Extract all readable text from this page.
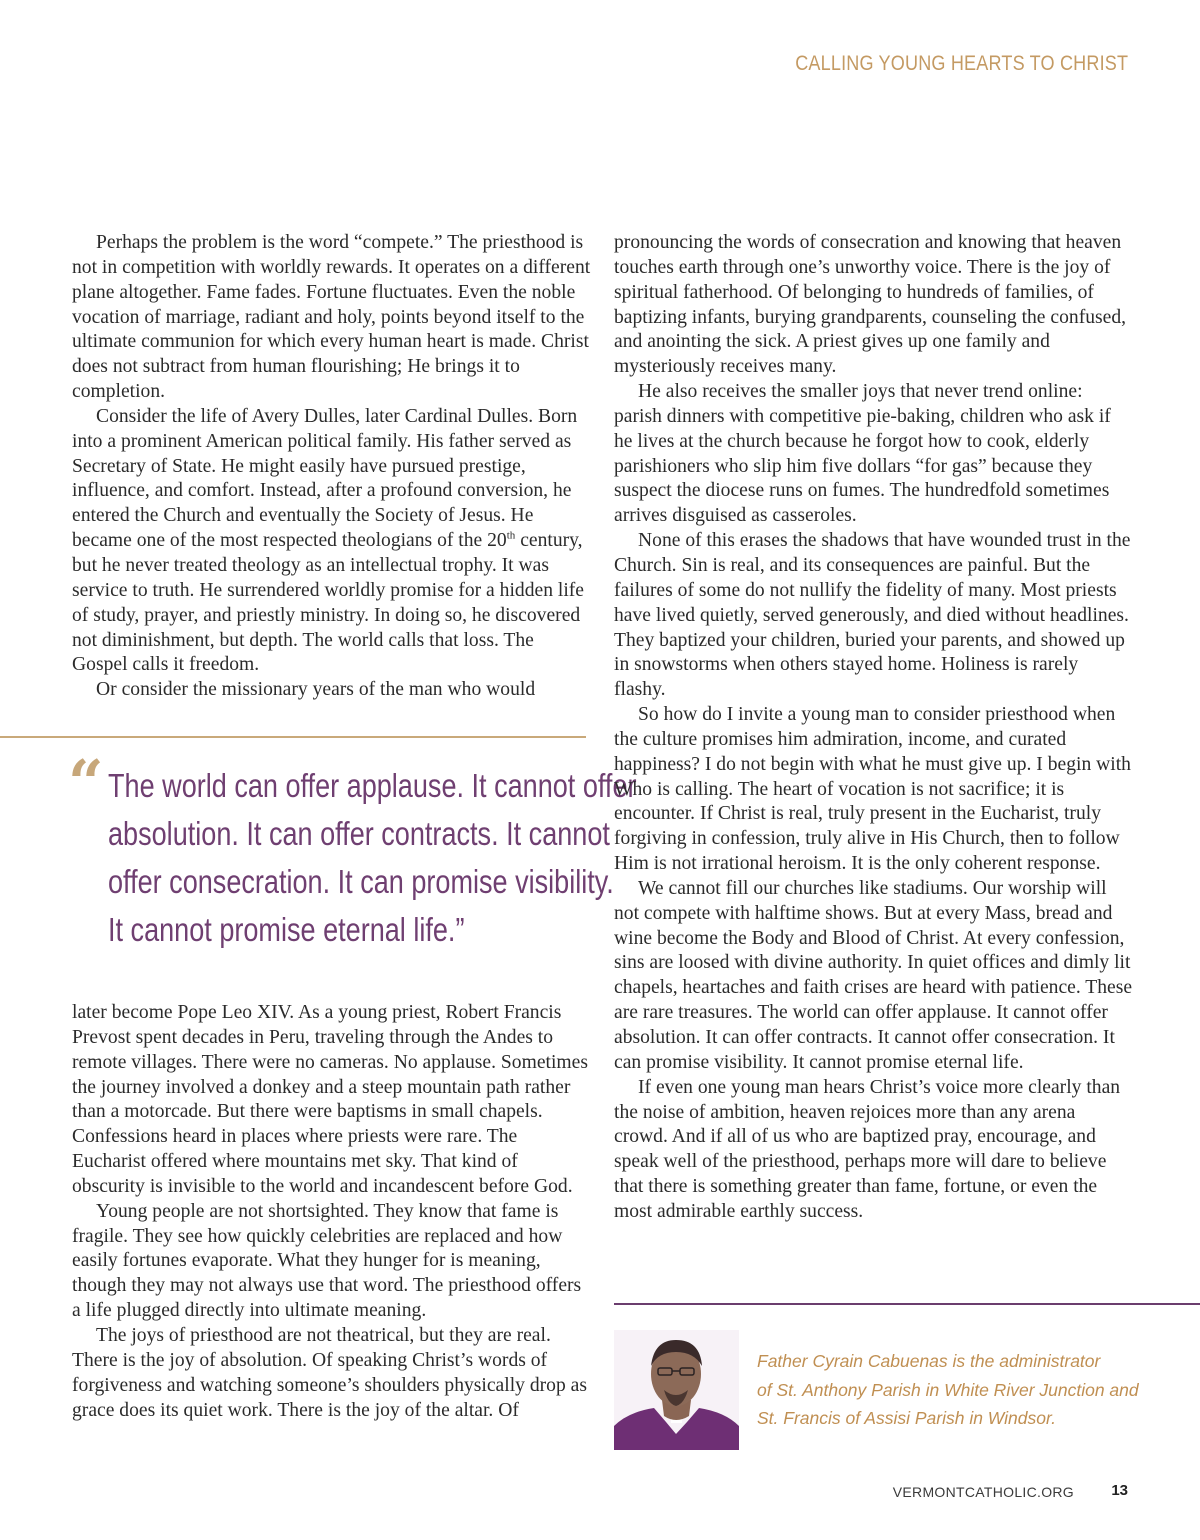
CALLING YOUNG HEARTS TO CHRIST

Perhaps the problem is the word “compete.” The priesthood is not in competition with worldly rewards. It operates on a different plane altogether. Fame fades. Fortune fluctuates. Even the noble vocation of marriage, radiant and holy, points beyond itself to the ultimate communion for which every human heart is made. Christ does not subtract from human flourishing; He brings it to completion.

Consider the life of Avery Dulles, later Cardinal Dulles. Born into a prominent American political family. His father served as Secretary of State. He might easily have pursued prestige, influence, and comfort. Instead, after a profound conversion, he entered the Church and eventually the Society of Jesus. He became one of the most respected theologians of the 20th century, but he never treated theology as an intellectual trophy. It was service to truth. He surrendered worldly promise for a hidden life of study, prayer, and priestly ministry. In doing so, he discovered not diminishment, but depth. The world calls that loss. The Gospel calls it freedom.

Or consider the missionary years of the man who would

“ The world can offer applause. It cannot offer
absolution. It can offer contracts. It cannot
offer consecration. It can promise visibility.
It cannot promise eternal life.”

later become Pope Leo XIV. As a young priest, Robert Francis Prevost spent decades in Peru, traveling through the Andes to remote villages. There were no cameras. No applause. Sometimes the journey involved a donkey and a steep mountain path rather than a motorcade. But there were baptisms in small chapels. Confessions heard in places where priests were rare. The Eucharist offered where mountains met sky. That kind of obscurity is invisible to the world and incandescent before God.

Young people are not shortsighted. They know that fame is fragile. They see how quickly celebrities are replaced and how easily fortunes evaporate. What they hunger for is meaning, though they may not always use that word. The priesthood offers a life plugged directly into ultimate meaning.

The joys of priesthood are not theatrical, but they are real. There is the joy of absolution. Of speaking Christ’s words of forgiveness and watching someone’s shoulders physically drop as grace does its quiet work. There is the joy of the altar. Of

pronouncing the words of consecration and knowing that heaven touches earth through one’s unworthy voice. There is the joy of spiritual fatherhood. Of belonging to hundreds of families, of baptizing infants, burying grandparents, counseling the confused, and anointing the sick. A priest gives up one family and mysteriously receives many.

He also receives the smaller joys that never trend online: parish dinners with competitive pie-baking, children who ask if he lives at the church because he forgot how to cook, elderly parishioners who slip him five dollars “for gas” because they suspect the diocese runs on fumes. The hundredfold sometimes arrives disguised as casseroles.

None of this erases the shadows that have wounded trust in the Church. Sin is real, and its consequences are painful. But the failures of some do not nullify the fidelity of many. Most priests have lived quietly, served generously, and died without headlines. They baptized your children, buried your parents, and showed up in snowstorms when others stayed home. Holiness is rarely flashy.

So how do I invite a young man to consider priesthood when the culture promises him admiration, income, and curated happiness? I do not begin with what he must give up. I begin with Who is calling. The heart of vocation is not sacrifice; it is encounter. If Christ is real, truly present in the Eucharist, truly forgiving in confession, truly alive in His Church, then to follow Him is not irrational heroism. It is the only coherent response.

We cannot fill our churches like stadiums. Our worship will not compete with halftime shows. But at every Mass, bread and wine become the Body and Blood of Christ. At every confession, sins are loosed with divine authority. In quiet offices and dimly lit chapels, heartaches and faith crises are heard with patience. These are rare treasures. The world can offer applause. It cannot offer absolution. It can offer contracts. It cannot offer consecration. It can promise visibility. It cannot promise eternal life.

If even one young man hears Christ’s voice more clearly than the noise of ambition, heaven rejoices more than any arena crowd. And if all of us who are baptized pray, encourage, and speak well of the priesthood, perhaps more will dare to believe that there is something greater than fame, fortune, or even the most admirable earthly success.

Father Cyrain Cabuenas is the administrator
of St. Anthony Parish in White River Junction and
St. Francis of Assisi Parish in Windsor.
VERMONTCATHOLIC.ORG 13
